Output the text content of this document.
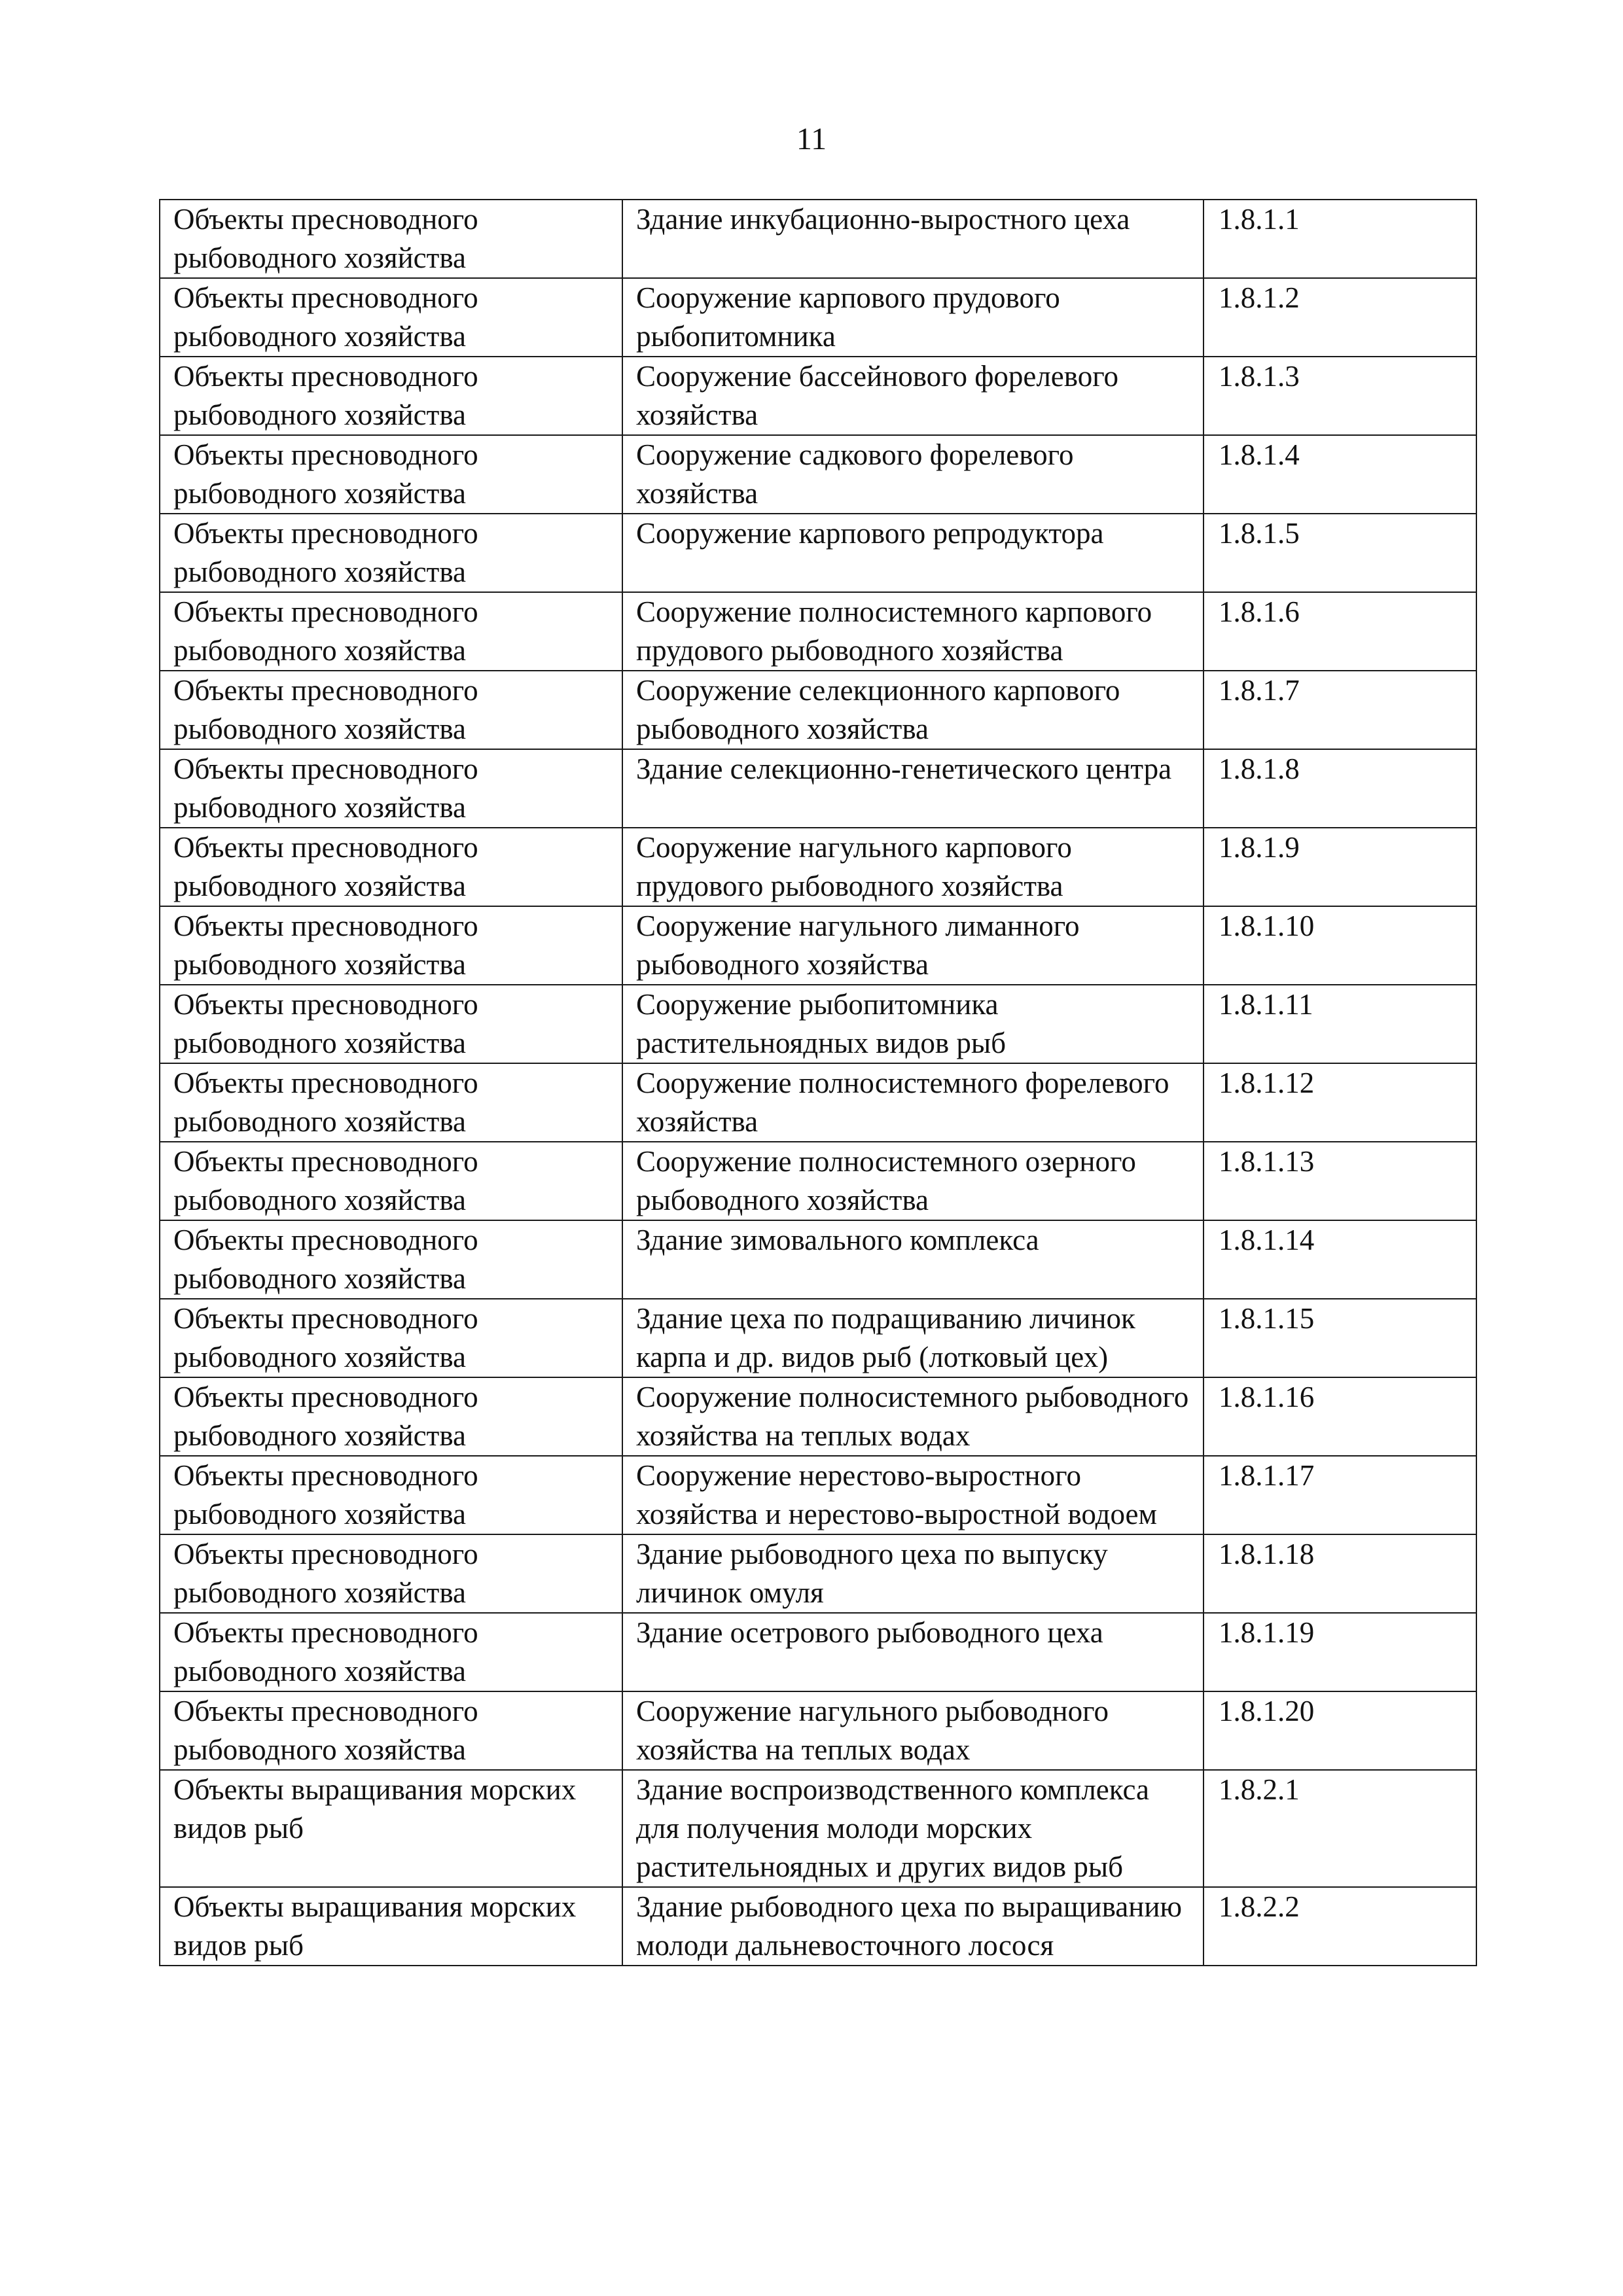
11
Объекты пресноводного рыбоводного хозяйства	Здание инкубационно-выростного цеха	1.8.1.1
Объекты пресноводного рыбоводного хозяйства	Сооружение карпового прудового рыбопитомника	1.8.1.2
Объекты пресноводного рыбоводного хозяйства	Сооружение бассейнового форелевого хозяйства	1.8.1.3
Объекты пресноводного рыбоводного хозяйства	Сооружение садкового форелевого хозяйства	1.8.1.4
Объекты пресноводного рыбоводного хозяйства	Сооружение карпового репродуктора	1.8.1.5
Объекты пресноводного рыбоводного хозяйства	Сооружение полносистемного карпового прудового рыбоводного хозяйства	1.8.1.6
Объекты пресноводного рыбоводного хозяйства	Сооружение селекционного карпового рыбоводного хозяйства	1.8.1.7
Объекты пресноводного рыбоводного хозяйства	Здание селекционно-генетического центра	1.8.1.8
Объекты пресноводного рыбоводного хозяйства	Сооружение нагульного карпового прудового рыбоводного хозяйства	1.8.1.9
Объекты пресноводного рыбоводного хозяйства	Сооружение нагульного лиманного рыбоводного хозяйства	1.8.1.10
Объекты пресноводного рыбоводного хозяйства	Сооружение рыбопитомника растительноядных видов рыб	1.8.1.11
Объекты пресноводного рыбоводного хозяйства	Сооружение полносистемного форелевого хозяйства	1.8.1.12
Объекты пресноводного рыбоводного хозяйства	Сооружение полносистемного озерного рыбоводного хозяйства	1.8.1.13
Объекты пресноводного рыбоводного хозяйства	Здание зимовального комплекса	1.8.1.14
Объекты пресноводного рыбоводного хозяйства	Здание цеха по подращиванию личинок карпа и др. видов рыб (лотковый цех)	1.8.1.15
Объекты пресноводного рыбоводного хозяйства	Сооружение полносистемного рыбоводного хозяйства на теплых водах	1.8.1.16
Объекты пресноводного рыбоводного хозяйства	Сооружение нерестово-выростного хозяйства и нерестово-выростной водоем	1.8.1.17
Объекты пресноводного рыбоводного хозяйства	Здание рыбоводного цеха по выпуску личинок омуля	1.8.1.18
Объекты пресноводного рыбоводного хозяйства	Здание осетрового рыбоводного цеха	1.8.1.19
Объекты пресноводного рыбоводного хозяйства	Сооружение нагульного рыбоводного хозяйства на теплых водах	1.8.1.20
Объекты выращивания морских видов рыб	Здание воспроизводственного комплекса для получения молоди морских растительноядных и других видов рыб	1.8.2.1
Объекты выращивания морских видов рыб	Здание рыбоводного цеха по выращиванию молоди дальневосточного лосося	1.8.2.2
